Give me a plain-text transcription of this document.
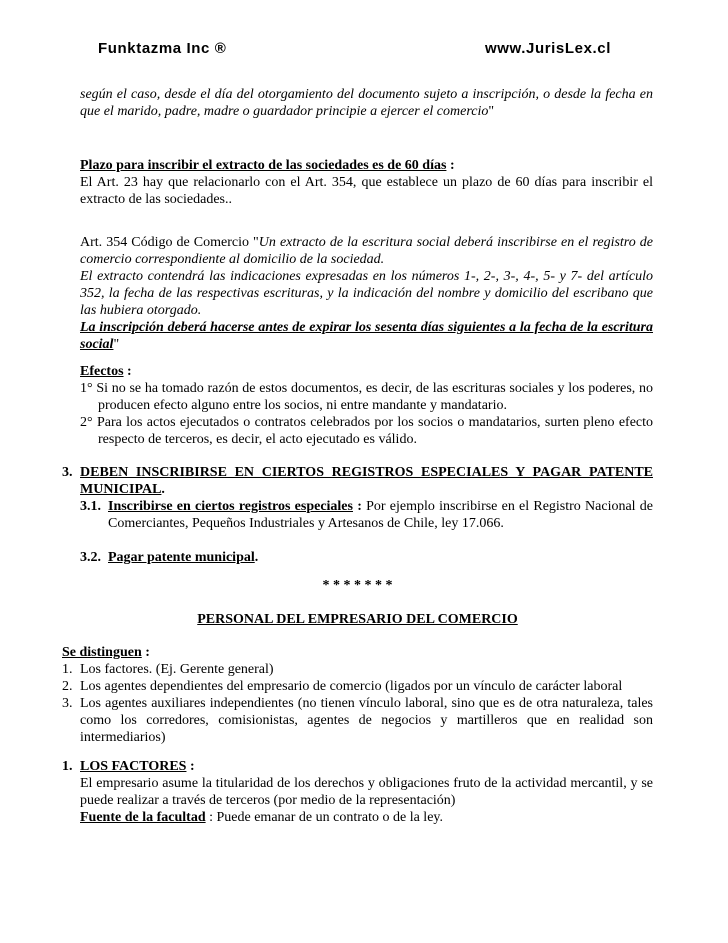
Funktazma Inc ®	www.JurisLex.cl
según el caso, desde el día del otorgamiento del documento sujeto a inscripción, o desde la fecha en que el marido, padre, madre o guardador principie a ejercer el comercio"

Plazo para inscribir el extracto de las sociedades es de 60 días :

El Art. 23 hay que relacionarlo con el Art. 354, que establece un plazo de 60 días para inscribir el extracto de las sociedades..

Art. 354 Código de Comercio "Un extracto de la escritura social deberá inscribirse en el registro de comercio correspondiente al domicilio de la sociedad.
El extracto contendrá las indicaciones expresadas en los números 1-, 2-, 3-, 4-, 5- y 7- del artículo 352, la fecha de las respectivas escrituras, y la indicación del nombre y domicilio del escribano que las hubiera otorgado.
La inscripción deberá hacerse antes de expirar los sesenta días siguientes a la fecha de la escritura social"

Efectos :

1° Si no se ha tomado razón de estos documentos, es decir, de las escrituras sociales y los poderes, no producen efecto alguno entre los socios, ni entre mandante y mandatario.

2° Para los actos ejecutados o contratos celebrados por los socios o mandatarios, surten pleno efecto respecto de terceros, es decir, el acto ejecutado es válido.

3. DEBEN INSCRIBIRSE EN CIERTOS REGISTROS ESPECIALES Y PAGAR PATENTE MUNICIPAL.
3.1. Inscribirse en ciertos registros especiales : Por ejemplo inscribirse en el Registro Nacional de Comerciantes, Pequeños Industriales y Artesanos de Chile, ley 17.066.
3.2. Pagar patente municipal.
* * * * * * *
PERSONAL DEL EMPRESARIO DEL COMERCIO

Se distinguen :

1. Los factores. (Ej. Gerente general)
2. Los agentes dependientes del empresario de comercio (ligados por un vínculo de carácter laboral
3. Los agentes auxiliares independientes (no tienen vínculo laboral, sino que es de otra naturaleza, tales como los corredores, comisionistas, agentes de negocios y martilleros que en realidad son intermediarios)
1. LOS FACTORES :

El empresario asume la titularidad de los derechos y obligaciones fruto de la actividad mercantil, y se puede realizar a través de terceros (por medio de la representación)

Fuente de la facultad : Puede emanar de un contrato o de la ley.
